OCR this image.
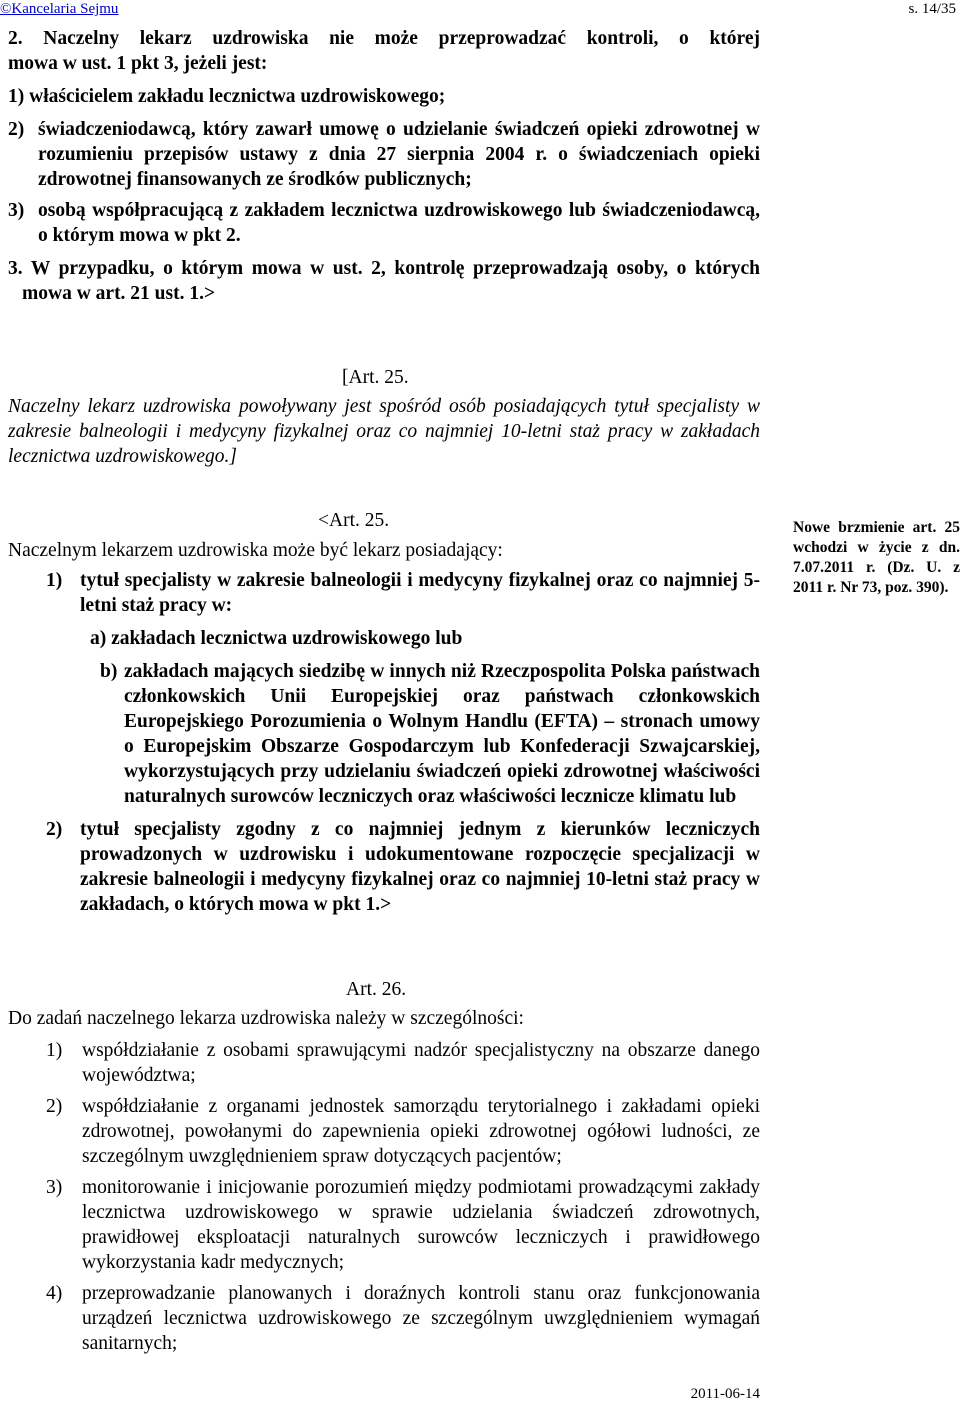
©Kancelaria Sejmu	s. 14/35

2. Naczelny lekarz uzdrowiska nie może przeprowadzać kontroli, o której

mowa w ust. 1 pkt 3, jeżeli jest:

1) właścicielem zakładu lecznictwa uzdrowiskowego;

2) świadczeniodawcą, który zawarł umowę o udzielanie świadczeń opieki zdrowotnej w rozumieniu przepisów ustawy z dnia 27 sierpnia 2004 r. o świadczeniach opieki zdrowotnej finansowanych ze środków publicznych;

3) osobą współpracującą z zakładem lecznictwa uzdrowiskowego lub świadczeniodawcą, o którym mowa w pkt 2.

3. W przypadku, o którym mowa w ust. 2, kontrolę przeprowadzają osoby, o których mowa w art. 21 ust. 1.>

[Art. 25.

Naczelny lekarz uzdrowiska powoływany jest spośród osób posiadających tytuł specjalisty w zakresie balneologii i medycyny fizykalnej oraz co najmniej 10-letni staż pracy w zakładach lecznictwa uzdrowiskowego.]

<Art. 25.
Naczelnym lekarzem uzdrowiska może być lekarz posiadający:
1) tytuł specjalisty w zakresie balneologii i medycyny fizykalnej oraz co najmniej 5-letni staż pracy w:

a) zakładach lecznictwa uzdrowiskowego lub

b) zakładach mających siedzibę w innych niż Rzeczpospolita Polska państwach członkowskich Unii Europejskiej oraz państwach członkowskich Europejskiego Porozumienia o Wolnym Handlu (EFTA) – stronach umowy o Europejskim Obszarze Gospodarczym lub Konfederacji Szwajcarskiej, wykorzystujących przy udzielaniu świadczeń opieki zdrowotnej właściwości naturalnych surowców leczniczych oraz właściwości lecznicze klimatu lub

2) tytuł specjalisty zgodny z co najmniej jednym z kierunków leczniczych prowadzonych w uzdrowisku i udokumentowane rozpoczęcie specjalizacji w zakresie balneologii i medycyny fizykalnej oraz co najmniej 10-letni staż pracy w zakładach, o których mowa w pkt 1.>

Nowe brzmienie art. 25 wchodzi w życie z dn. 7.07.2011 r. (Dz. U. z 2011 r. Nr 73, poz. 390).
Art. 26.
Do zadań naczelnego lekarza uzdrowiska należy w szczególności:
1) współdziałanie z osobami sprawującymi nadzór specjalistyczny na obszarze danego województwa;

2) współdziałanie z organami jednostek samorządu terytorialnego i zakładami opieki zdrowotnej, powołanymi do zapewnienia opieki zdrowotnej ogółowi ludności, ze szczególnym uwzględnieniem spraw dotyczących pacjentów;

3) monitorowanie i inicjowanie porozumień między podmiotami prowadzącymi zakłady lecznictwa uzdrowiskowego w sprawie udzielania świadczeń zdrowotnych, prawidłowej eksploatacji naturalnych surowców leczniczych i prawidłowego wykorzystania kadr medycznych;

4) przeprowadzanie planowanych i doraźnych kontroli stanu oraz funkcjonowania urządzeń lecznictwa uzdrowiskowego ze szczególnym uwzględnieniem wymagań sanitarnych;

2011-06-14
